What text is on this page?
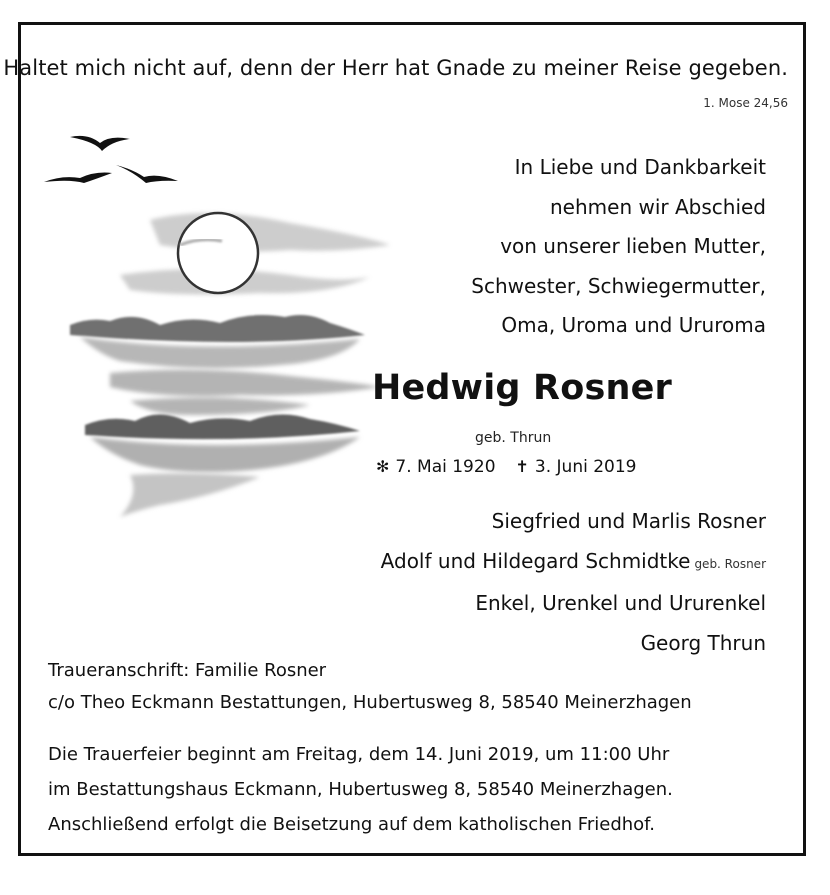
Haltet mich nicht auf, denn der Herr hat Gnade zu meiner Reise gegeben.
1. Mose 24,56
In Liebe und Dankbarkeit
nehmen wir Abschied
von unserer lieben Mutter,
Schwester, Schwiegermutter,
Oma, Uroma und Ururoma
Hedwig Rosner
geb. Thrun
✻ 7. Mai 1920 ✝ 3. Juni 2019
Siegfried und Marlis Rosner
Adolf und Hildegard Schmidtke geb. Rosner
Enkel, Urenkel und Ururenkel
Georg Thrun
Traueranschrift: Familie Rosner
c/o Theo Eckmann Bestattungen, Hubertusweg 8, 58540 Meinerzhagen
Die Trauerfeier beginnt am Freitag, dem 14. Juni 2019, um 11:00 Uhr
im Bestattungshaus Eckmann, Hubertusweg 8, 58540 Meinerzhagen.
Anschließend erfolgt die Beisetzung auf dem katholischen Friedhof.
